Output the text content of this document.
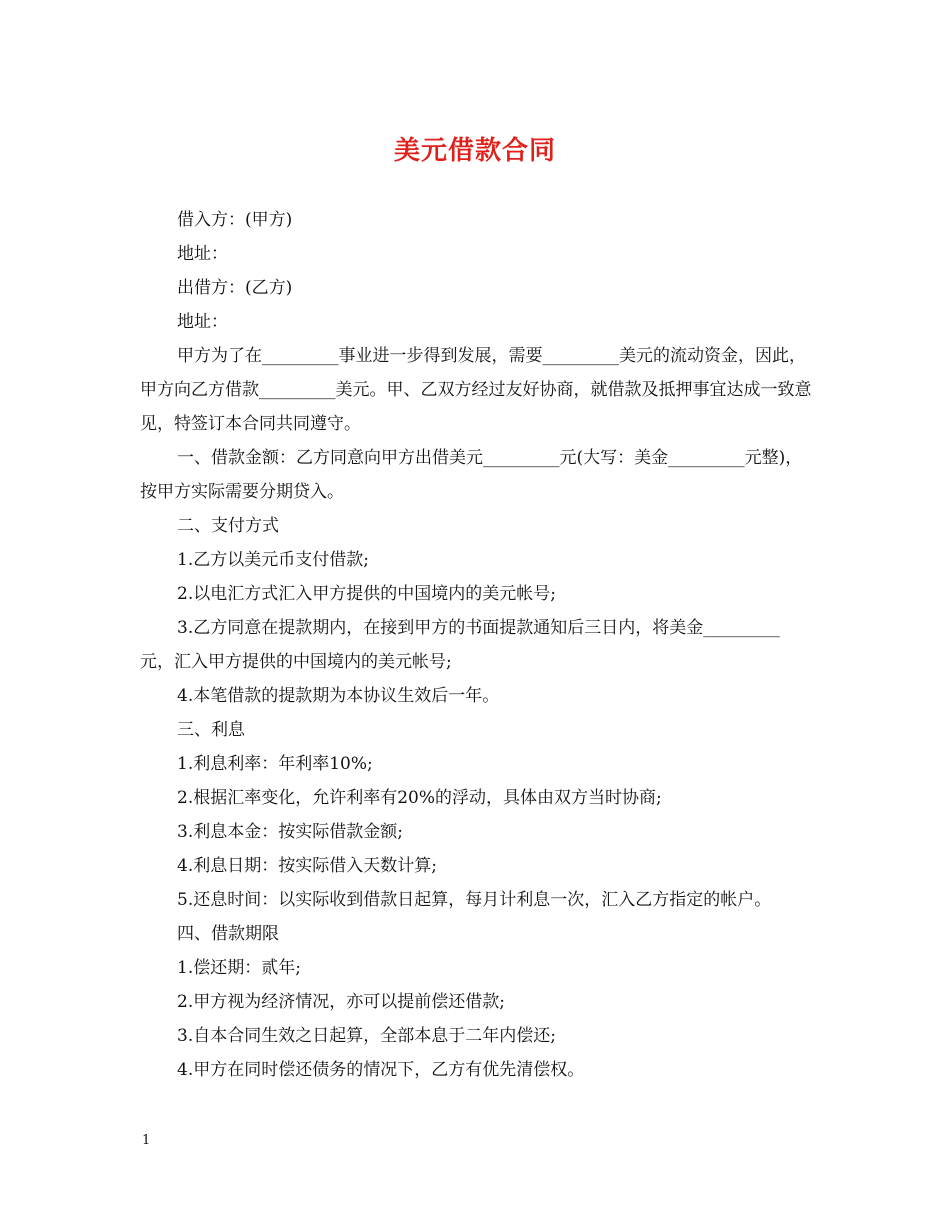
美元借款合同

借入方：(甲方)

地址：

出借方：(乙方)

地址：

甲方为了在_________事业进一步得到发展，需要_________美元的流动资金，因此，甲方向乙方借款_________美元。甲、乙双方经过友好协商，就借款及抵押事宜达成一致意见，特签订本合同共同遵守。

一、借款金额：乙方同意向甲方出借美元_________元(大写：美金_________元整)，按甲方实际需要分期贷入。

二、支付方式

1.乙方以美元币支付借款;

2.以电汇方式汇入甲方提供的中国境内的美元帐号;

3.乙方同意在提款期内，在接到甲方的书面提款通知后三日内，将美金_________元，汇入甲方提供的中国境内的美元帐号;

4.本笔借款的提款期为本协议生效后一年。

三、利息

1.利息利率：年利率10%;

2.根据汇率变化，允许利率有20%的浮动，具体由双方当时协商;

3.利息本金：按实际借款金额;

4.利息日期：按实际借入天数计算;

5.还息时间：以实际收到借款日起算，每月计利息一次，汇入乙方指定的帐户。

四、借款期限

1.偿还期：贰年;

2.甲方视为经济情况，亦可以提前偿还借款;

3.自本合同生效之日起算，全部本息于二年内偿还;

4.甲方在同时偿还债务的情况下，乙方有优先清偿权。

1
